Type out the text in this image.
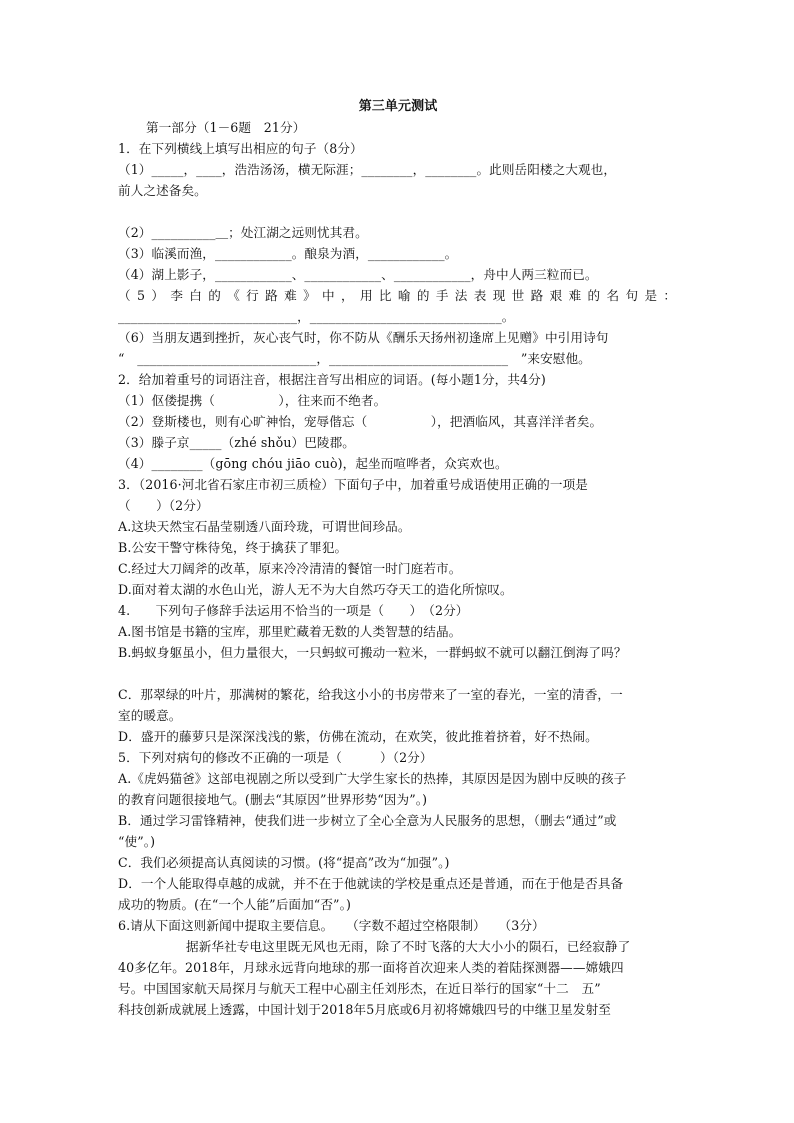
第三单元测试
第一部分（1－6题　21分）
1．在下列横线上填写出相应的句子（8分）
（1）_____，____，浩浩汤汤，横无际涯；________，________。此则岳阳楼之大观也，
前人之述备矣。
（2）__________＿；处江湖之远则忧其君。
（3）临溪而渔，____________。酿泉为酒，____________。
（4）湖上影子，____________、____________、____________，舟中人两三粒而已。
（5）李白的《行路难》中，用比喻的手法表现世路艰难的名句是：
____________________________，______________________________。
（6）当朋友遇到挫折，灰心丧气时，你不防从《酬乐天扬州初逢席上见赠》中引用诗句
“　____________________________，____________________________　”来安慰他。
2．给加着重号的词语注音，根据注音写出相应的词语。(每小题1分，共4分)
（1）伛偻提携（　　　　　），往来而不绝者。
（2）登斯楼也，则有心旷神怡，宠辱偕忘（　　　　　），把酒临风，其喜洋洋者矣。
（3）滕子京_____（zhé shǒu）巴陵郡。
（4）________（gōng chóu jiāo cuò)，起坐而喧哗者，众宾欢也。
3．（2016·河北省石家庄市初三质检）下面句子中，加着重号成语使用正确的一项是
（　　）（2分）
A.这块天然宝石晶莹剔透八面玲珑，可谓世间珍品。
B.公安干警守株待兔，终于擒获了罪犯。
C.经过大刀阔斧的改革，原来冷冷清清的餐馆一时门庭若市。
D.面对着太湖的水色山光，游人无不为大自然巧夺天工的造化所惊叹。
4.　　下列句子修辞手法运用不恰当的一项是（　　）　（2分）
A.图书馆是书籍的宝库，那里贮藏着无数的人类智慧的结晶。
B.蚂蚁身躯虽小，但力量很大，一只蚂蚁可搬动一粒米，一群蚂蚁不就可以翻江倒海了吗？
C．那翠绿的叶片，那满树的繁花，给我这小小的书房带来了一室的春光，一室的清香，一
室的暖意。
D．盛开的藤萝只是深深浅浅的紫，仿佛在流动，在欢笑，彼此推着挤着，好不热闹。
5．下列对病句的修改不正确的一项是（　　　）（2分）
A.《虎妈猫爸》这部电视剧之所以受到广大学生家长的热捧，其原因是因为剧中反映的孩子
的教育问题很接地气。(删去“其原因”世界形势“因为”。)
B．通过学习雷锋精神，使我们进一步树立了全心全意为人民服务的思想，（删去“通过”或
“使”。)
C．我们必须提高认真阅读的习惯。(将“提高”改为“加强”。)
D．一个人能取得卓越的成就，并不在于他就读的学校是重点还是普通，而在于他是否具备
成功的物质。(在“一个人能”后面加“否”。)
6.请从下面这则新闻中提取主要信息。　　（字数不超过空格限制）　　（3分）
据新华社专电这里既无风也无雨，除了不时飞落的大大小小的陨石，已经寂静了
40多亿年。2018年，月球永远背向地球的那一面将首次迎来人类的着陆探测器——嫦娥四
号。中国国家航天局探月与航天工程中心副主任刘彤杰，在近日举行的国家“十二　五”
科技创新成就展上透露，中国计划于2018年5月底或6月初将嫦娥四号的中继卫星发射至
